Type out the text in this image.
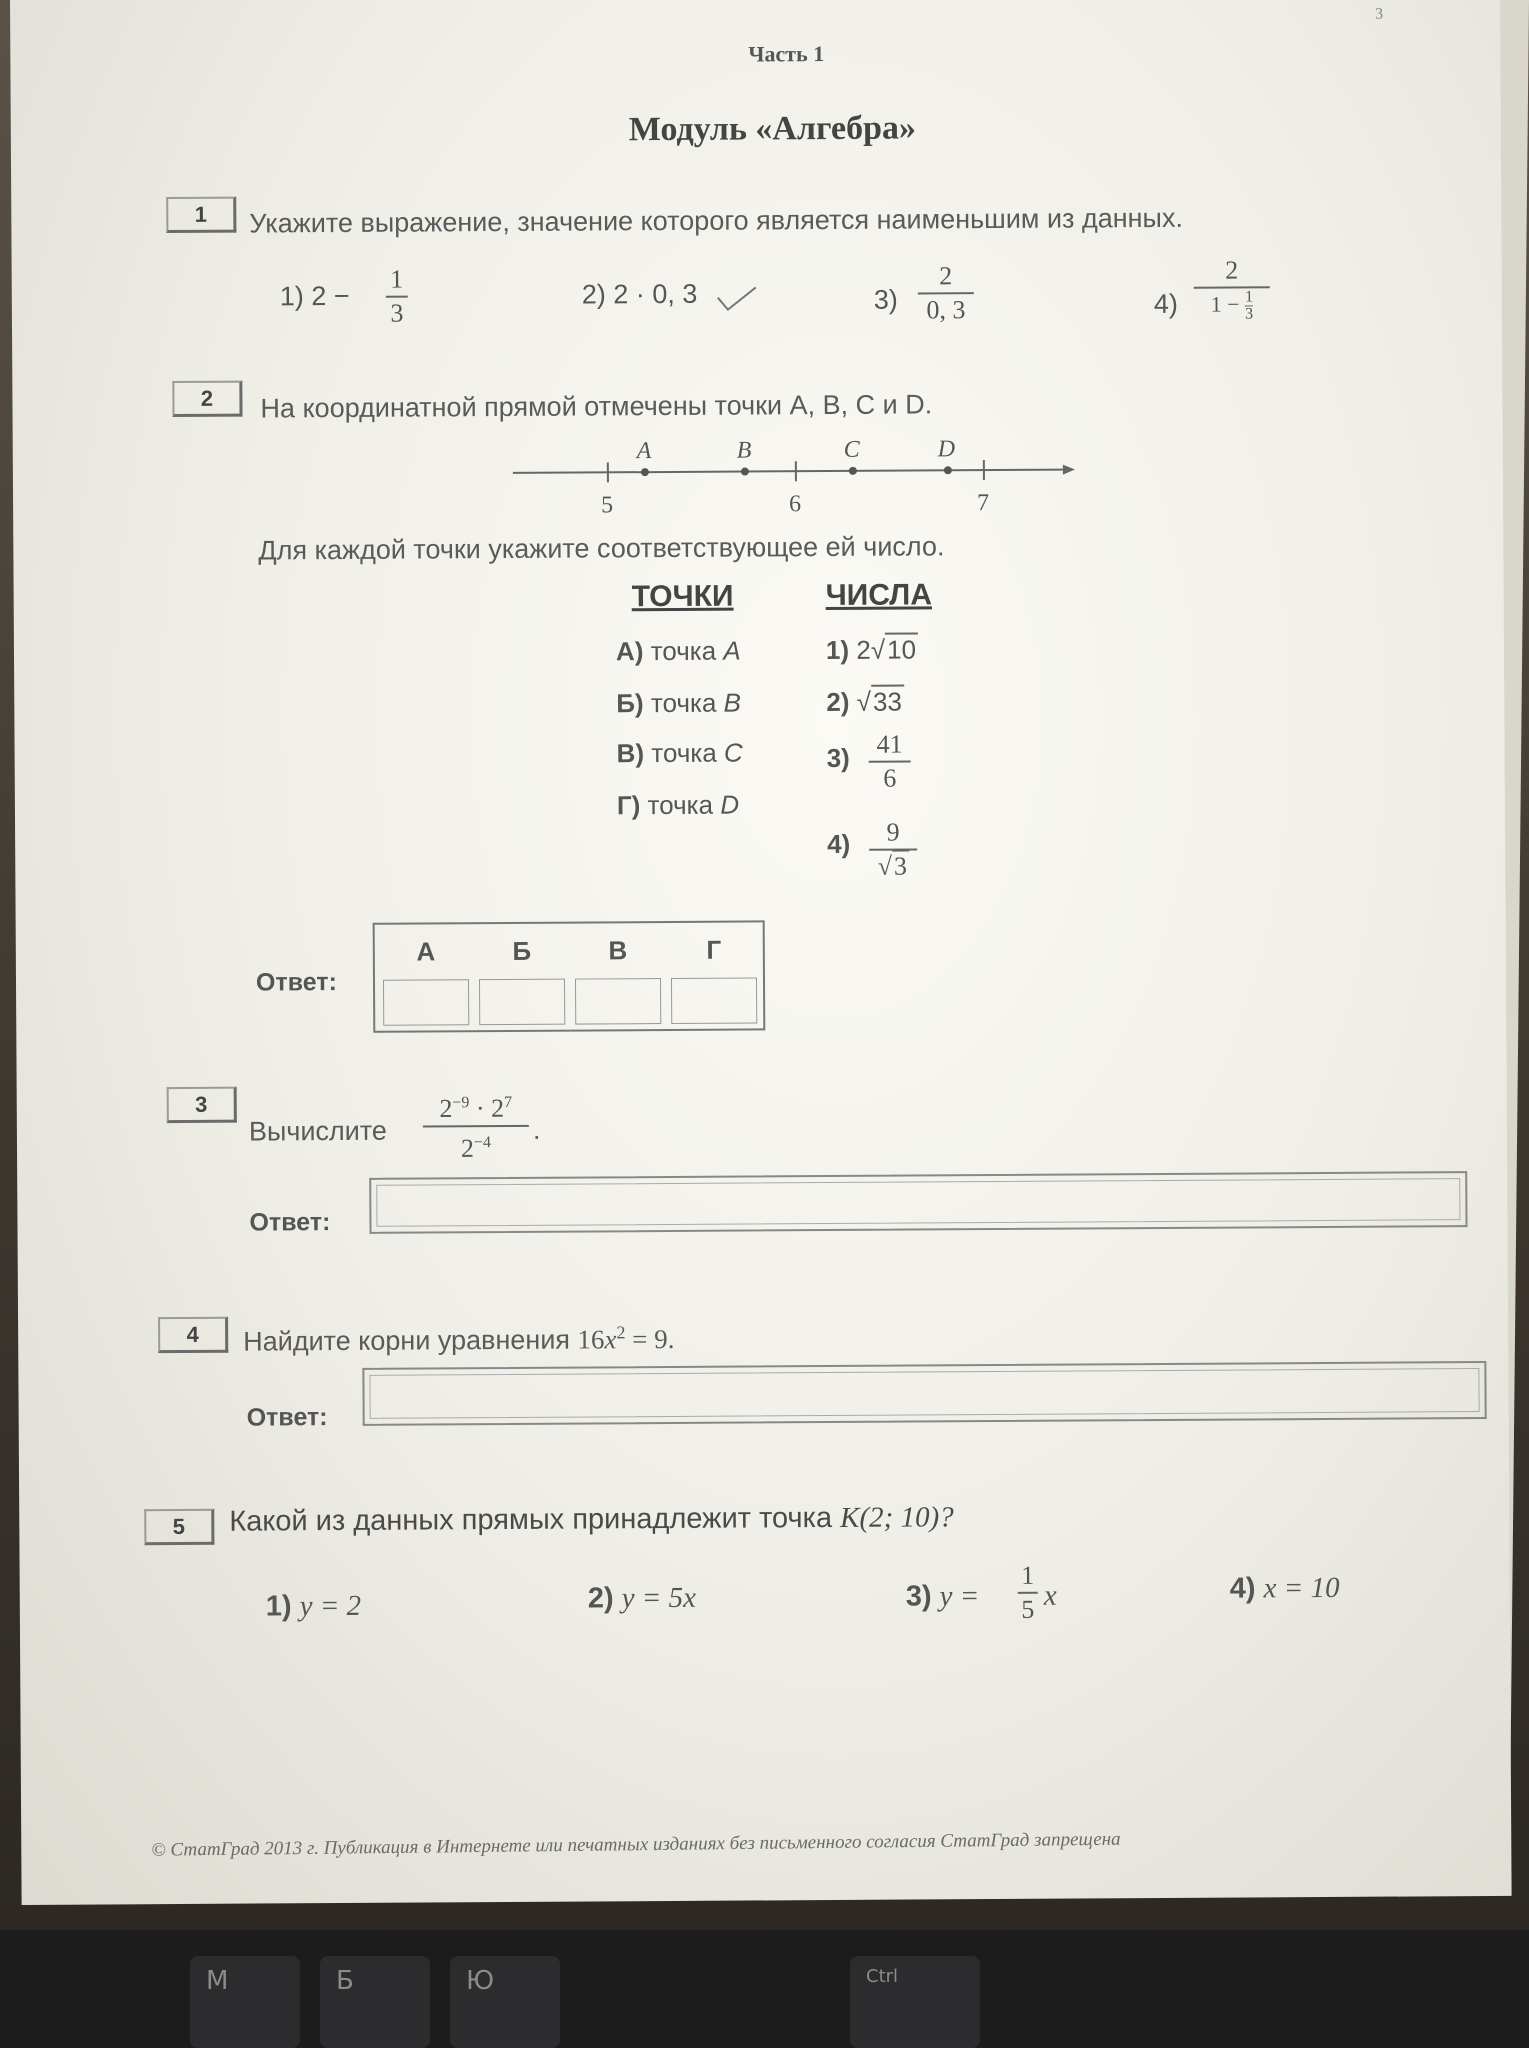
M	Б	Ю	Ctrl
3
Часть 1
Модуль «Алгебра»
1	Укажите выражение, значение которого является наименьшим из данных.
1) 2 −
1
3
2) 2 · 0, 3	3)
2
0, 3	4)
2
$1 - \frac{1}{3}$
2	На координатной прямой отмечены точки A, B, C и D.
A	B	C	D
5	6	7
Для каждой точки укажите соответствующее ей число.
ТОЧКИ	ЧИСЛА
А) точка A
Б) точка B
В) точка C
Г) точка D
1) 2√10
2) √33
3)	41
6
4)	9
√3
Ответ:
А	Б	В	Г
3
Вычислите
$2^{-9} \cdot 2^7$
$2^{-4}$	.
Ответ:
4	Найдите корни уравнения $16x^2 = 9$.
Ответ:
5	Какой из данных прямых принадлежит точка K(2; 10)?
1) y = 2	2) y = 5x	3) y =
1
5 x	4) x = 10
© СтатГрад 2013 г. Публикация в Интернете или печатных изданиях без письменного согласия СтатГрад запрещена
